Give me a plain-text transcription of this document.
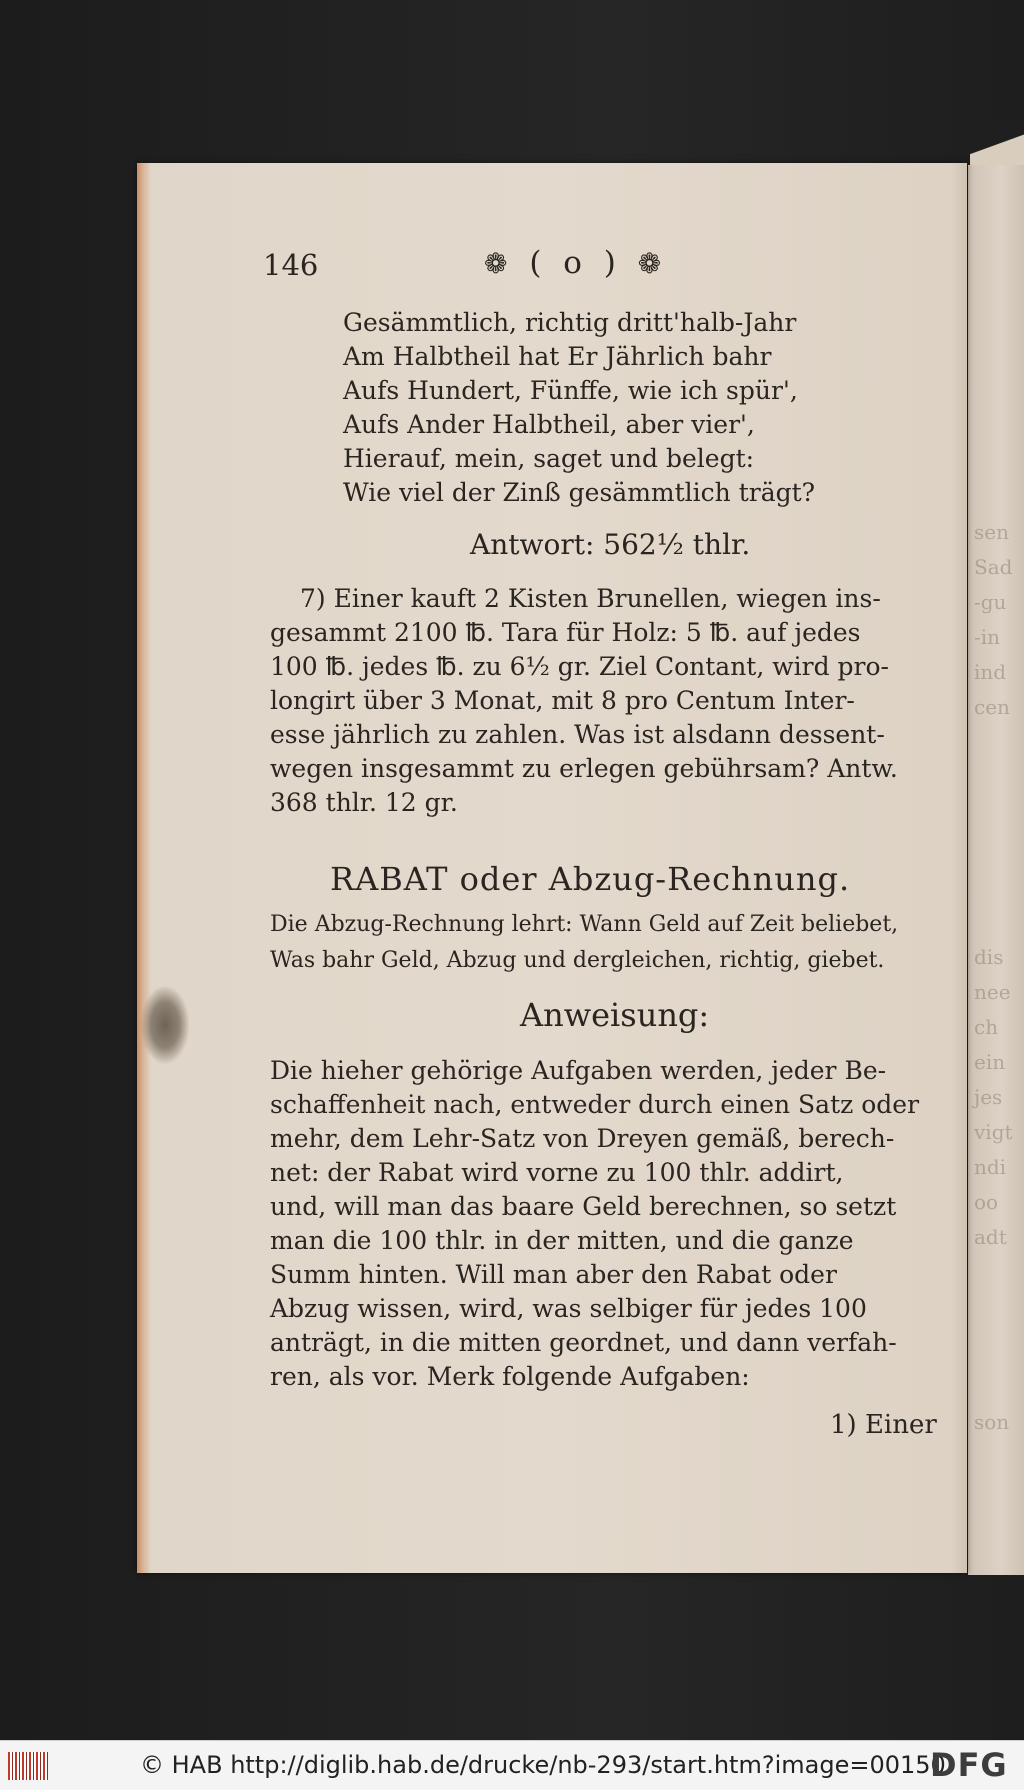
sen
Sad
-gu
-in
ind
cen
dis
nee
ch
ein
jes
vigt
ndi
oo
adt
son
146	❁ ( o ) ❁
Gesämmtlich, richtig dritt'halb-Jahr
Am Halbtheil hat Er Jährlich bahr
Aufs Hundert, Fünffe, wie ich spür',
Aufs Ander Halbtheil, aber vier',
Hierauf, mein, saget und belegt:
Wie viel der Zinß gesämmtlich trägt?
Antwort: 562½ thlr.
7) Einer kauft 2 Kisten Brunellen, wiegen ins-
gesammt 2100 ℔. Tara für Holz: 5 ℔. auf jedes
100 ℔. jedes ℔. zu 6½ gr. Ziel Contant, wird pro-
longirt über 3 Monat, mit 8 pro Centum Inter-
esse jährlich zu zahlen. Was ist alsdann dessent-
wegen insgesammt zu erlegen gebührsam? Antw.
368 thlr. 12 gr.
RABAT oder Abzug-Rechnung.
Die Abzug-Rechnung lehrt: Wann Geld auf Zeit beliebet,
Was bahr Geld, Abzug und dergleichen, richtig, giebet.
Anweisung:
Die hieher gehörige Aufgaben werden, jeder Be-
schaffenheit nach, entweder durch einen Satz oder
mehr, dem Lehr-Satz von Dreyen gemäß, berech-
net: der Rabat wird vorne zu 100 thlr. addirt,
und, will man das baare Geld berechnen, so setzt
man die 100 thlr. in der mitten, und die ganze
Summ hinten. Will man aber den Rabat oder
Abzug wissen, wird, was selbiger für jedes 100
anträgt, in die mitten geordnet, und dann verfah-
ren, als vor. Merk folgende Aufgaben:
1) Einer
© HAB http://diglib.hab.de/drucke/nb-293/start.htm?image=00150
DFG
